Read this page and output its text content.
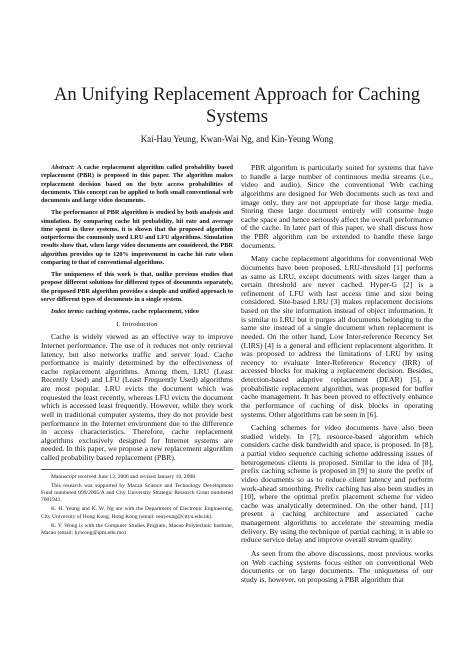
An Unifying Replacement Approach for Caching Systems
Kai-Hau Yeung, Kwan-Wai Ng, and Kin-Yeung Wong

Abstract: A cache replacement algorithm called probability based replacement (PBR) is proposed in this paper. The algorithm makes replacement decision based on the byte access probabilities of documents. This concept can be applied to both small conventional web documents and large video documents.

The performance of PBR algorithm is studied by both analysis and simulation. By comparing cache hit probability, hit rate and average time spent in three systems, it is shown that the proposed algorithm outperforms the commonly used LRU and LFU algorithms. Simulation results show that, when large video documents are considered, the PBR algorithm provides up to 120% improvement in cache hit rate when comparing to that of conventional algorithms.

The uniqueness of this work is that, unlike previous studies that propose different solutions for different types of documents separately, the proposed PBR algorithm provides a simple and unified approach to serve different types of documents in a single system.

Index terms: caching systems, cache replacement, video

I. Introduction

Cache is widely viewed as an effective way to improve Internet performance. The use of it reduces not only retrieval latency, but also networks traffic and server load. Cache performance is mainly determined by the effectiveness of cache replacement algorithms. Among them, LRU (Least Recently Used) and LFU (Least Frequently Used) algorithms are most popular. LRU evicts the document which was requested the least recently, whereas LFU evicts the document which is accessed least frequently. However, while they work well in traditional computer systems, they do not provide best performance in the Internet environment due to the difference in access characteristics. Therefore, cache replacement algorithms exclusively designed for Internet systems are needed. In this paper, we propose a new replacement algorithm called probability based replacement (PBR).

Manuscript received June 13, 2006 and revised January 10, 2008.

This research was supported by Macau Science and Technology Development Fund numbered 099/2005/A and City University Strategic Research Grant numbered 7001941.

K. H. Yeung and K. W. Ng are with the Department of Electronic Engineering, City University of Hong Kong, Hong Kong (email: eeayeung@cityu.edu.hk).

K. Y. Wong is with the Computer Studies Program, Macao Polytechnic Institute, Macao (email: kywong@ipm.edu.mo)

PBR algorithm is particularly suited for systems that have to handle a large number of continuous media streams (i.e., video and audio). Since the conventional Web caching algorithms are designed for Web documents such as text and image only, they are not appropriate for those large media. Storing these large document entirely will consume huge cache space and hence seriously affect the overall performance of the cache. In later part of this paper, we shall discuss how the PBR algorithm can be extended to handle these large documents.

Many cache replacement algorithms for conventional Web documents have been proposed. LRU-threshold [1] performs as same as LRU, except documents with sizes larger than a certain threshold are never cached. Hyper-G [2] is a refinement of LFU with last access time and size being considered. Site-based LRU [3] makes replacement decisions based on the site information instead of object information. It is similar to LRU but it purges all documents belonging to the same site instead of a single document when replacement is needed. On the other hand, Low Inter-reference Recency Set (LIRS) [4] is a general and efficient replacement algorithm. It was proposed to address the limitations of LRU by using recency to evaluate Inter-Reference Recency (IRR) of accessed blocks for making a replacement decision. Besides, detection-based adaptive replacement (DEAR) [5], a probabilistic replacement algorithm, was proposed for buffer cache management. It has been proved to effectively enhance the performance of caching of disk blocks in operating systems. Other algorithms can be seen in [6].

Caching schemes for video documents have also been studied widely. In [7], resource-based algorithm which considers cache disk bandwidth and space, is proposed. In [8], a partial video sequence caching scheme addressing issues of heterogeneous clients is proposed. Similar to the idea of [8], prefix caching scheme is proposed in [9] to store the prefix of video documents so as to reduce client latency and perform work-ahead smoothing. Prefix caching has also been studies in [10], where the optimal prefix placement scheme for video cache was analytically determined. On the other hand, [11] present a caching architecture and associated cache management algorithms to accelerate the streaming media delivery. By using the technique of partial caching, it is able to reduce service delay and improve overall stream quality.

As seen from the above discussions, most previous works on Web caching systems focus either on conventional Web documents or on large documents. The uniqueness of our study is, however, on proposing a PBR algorithm that
